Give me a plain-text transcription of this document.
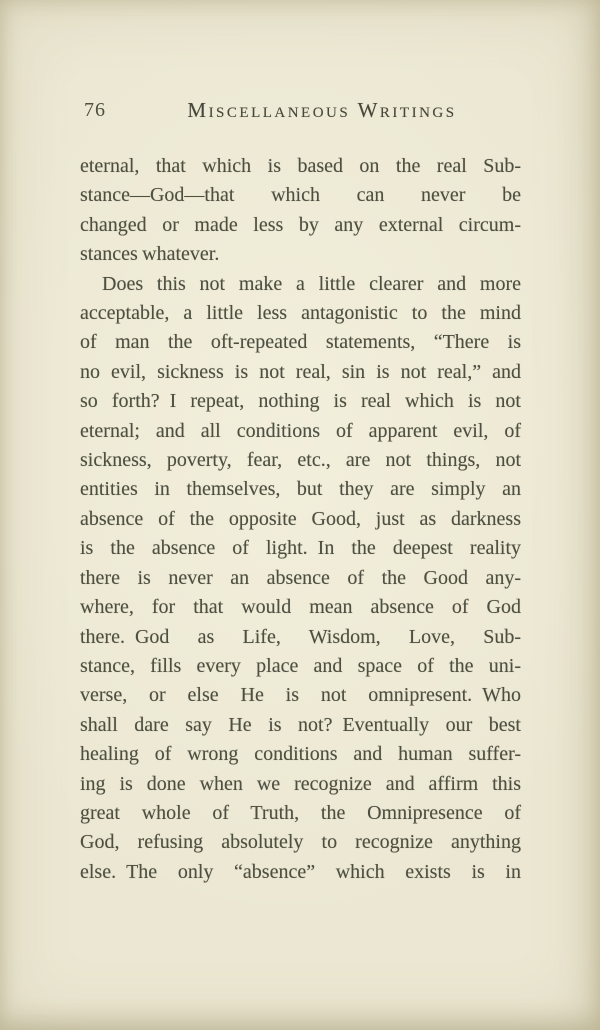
76	Miscellaneous Writings
eternal, that which is based on the real Sub-
stance—God—that which can never be
changed or made less by any external circum-
stances whatever.
Does this not make a little clearer and more
acceptable, a little less antagonistic to the mind
of man the oft-repeated statements, “There is
no evil, sickness is not real, sin is not real,” and
so forth? I repeat, nothing is real which is not
eternal; and all conditions of apparent evil, of
sickness, poverty, fear, etc., are not things, not
entities in themselves, but they are simply an
absence of the opposite Good, just as darkness
is the absence of light. In the deepest reality
there is never an absence of the Good any-
where, for that would mean absence of God
there. God as Life, Wisdom, Love, Sub-
stance, fills every place and space of the uni-
verse, or else He is not omnipresent. Who
shall dare say He is not? Eventually our best
healing of wrong conditions and human suffer-
ing is done when we recognize and affirm this
great whole of Truth, the Omnipresence of
God, refusing absolutely to recognize anything
else. The only “absence” which exists is in
